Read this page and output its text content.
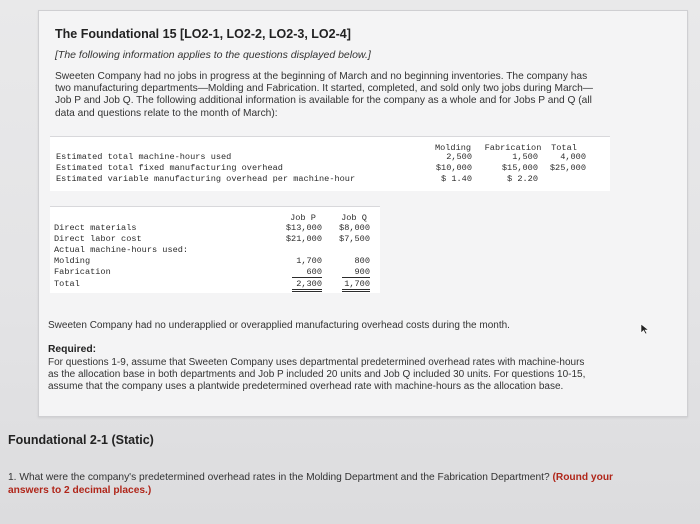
The Foundational 15 [LO2-1, LO2-2, LO2-3, LO2-4]
[The following information applies to the questions displayed below.]
Sweeten Company had no jobs in progress at the beginning of March and no beginning inventories. The company has
two manufacturing departments—Molding and Fabrication. It started, completed, and sold only two jobs during March—
Job P and Job Q. The following additional information is available for the company as a whole and for Jobs P and Q (all
data and questions relate to the month of March):
Molding	Fabrication	Total
Estimated total machine-hours used	2,500	1,500	4,000
Estimated total fixed manufacturing overhead	$10,000	$15,000	$25,000
Estimated variable manufacturing overhead per machine-hour	$ 1.40	$ 2.20
Job P	Job Q
Direct materials	$13,000	$8,000
Direct labor cost	$21,000	$7,500
Actual machine-hours used:
Molding	1,700	800
Fabrication	600	900
Total	2,300	1,700
Sweeten Company had no underapplied or overapplied manufacturing overhead costs during the month.
Required:
For questions 1-9, assume that Sweeten Company uses departmental predetermined overhead rates with machine-hours
as the allocation base in both departments and Job P included 20 units and Job Q included 30 units. For questions 10-15,
assume that the company uses a plantwide predetermined overhead rate with machine-hours as the allocation base.
Foundational 2-1 (Static)
1. What were the company's predetermined overhead rates in the Molding Department and the Fabrication Department? (Round your
answers to 2 decimal places.)
